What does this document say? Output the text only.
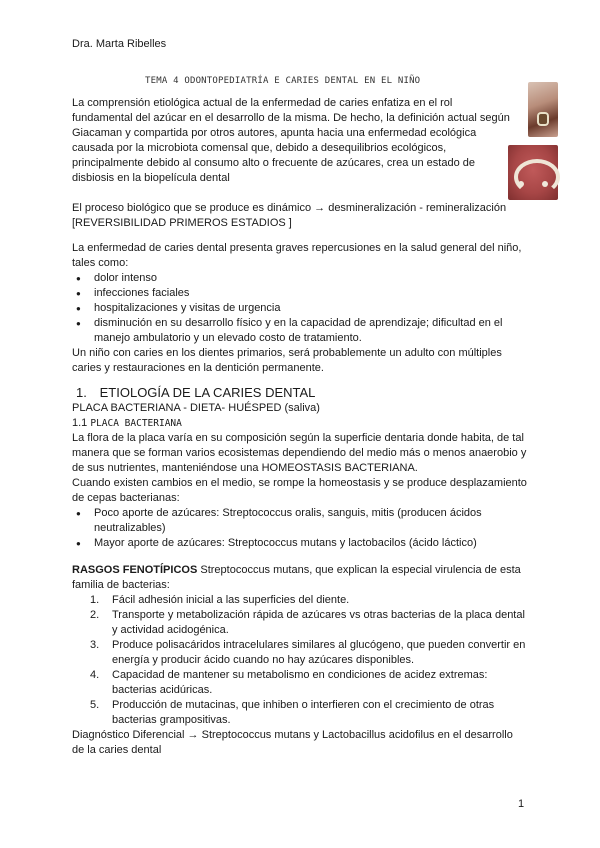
Dra. Marta Ribelles
TEMA 4 ODONTOPEDIATRÍA E CARIES DENTAL EN EL NIÑO

La comprensión etiológica actual de la enfermedad de caries enfatiza en el rol fundamental del azúcar en el desarrollo de la misma. De hecho, la definición actual según Giacaman y compartida por otros autores, apunta hacia una enfermedad ecológica causada por la microbiota comensal que, debido a desequilibrios ecológicos, principalmente debido al consumo alto o frecuente de azúcares, crea un estado de disbiosis en la biopelícula dental

El proceso biológico que se produce es dinámico → desmineralización - remineralización [REVERSIBILIDAD PRIMEROS ESTADIOS ]

La enfermedad de caries dental presenta graves repercusiones en la salud general del niño, tales como:

● dolor intenso
● infecciones faciales
● hospitalizaciones y visitas de urgencia
● disminución en su desarrollo físico y en la capacidad de aprendizaje; dificultad en el manejo ambulatorio y un elevado costo de tratamiento.

Un niño con caries en los dientes primarios, será probablemente un adulto con múltiples caries y restauraciones en la dentición permanente.

1. ETIOLOGÍA DE LA CARIES DENTAL

PLACA BACTERIANA - DIETA- HUÉSPED (saliva)

1.1 PLACA BACTERIANA

La flora de la placa varía en su composición según la superficie dentaria donde habita, de tal manera que se forman varios ecosistemas dependiendo del medio más o menos anaerobio y de sus nutrientes, manteniéndose una HOMEOSTASIS BACTERIANA.

Cuando existen cambios en el medio, se rompe la homeostasis y se produce desplazamiento de cepas bacterianas:

● Poco aporte de azúcares: Streptococcus oralis, sanguis, mitis (producen ácidos neutralizables)
● Mayor aporte de azúcares: Streptococcus mutans y lactobacilos (ácido láctico)

RASGOS FENOTÍPICOS Streptococcus mutans, que explican la especial virulencia de esta familia de bacterias:

1. Fácil adhesión inicial a las superficies del diente.
2. Transporte y metabolización rápida de azúcares vs otras bacterias de la placa dental y actividad acidogénica.
3. Produce polisacáridos intracelulares similares al glucógeno, que pueden convertir en energía y producir ácido cuando no hay azúcares disponibles.
4. Capacidad de mantener su metabolismo en condiciones de acidez extremas: bacterias acidúricas.
5. Producción de mutacinas, que inhiben o interfieren con el crecimiento de otras bacterias grampositivas.

Diagnóstico Diferencial → Streptococcus mutans y Lactobacillus acidofilus en el desarrollo de la caries dental

1
